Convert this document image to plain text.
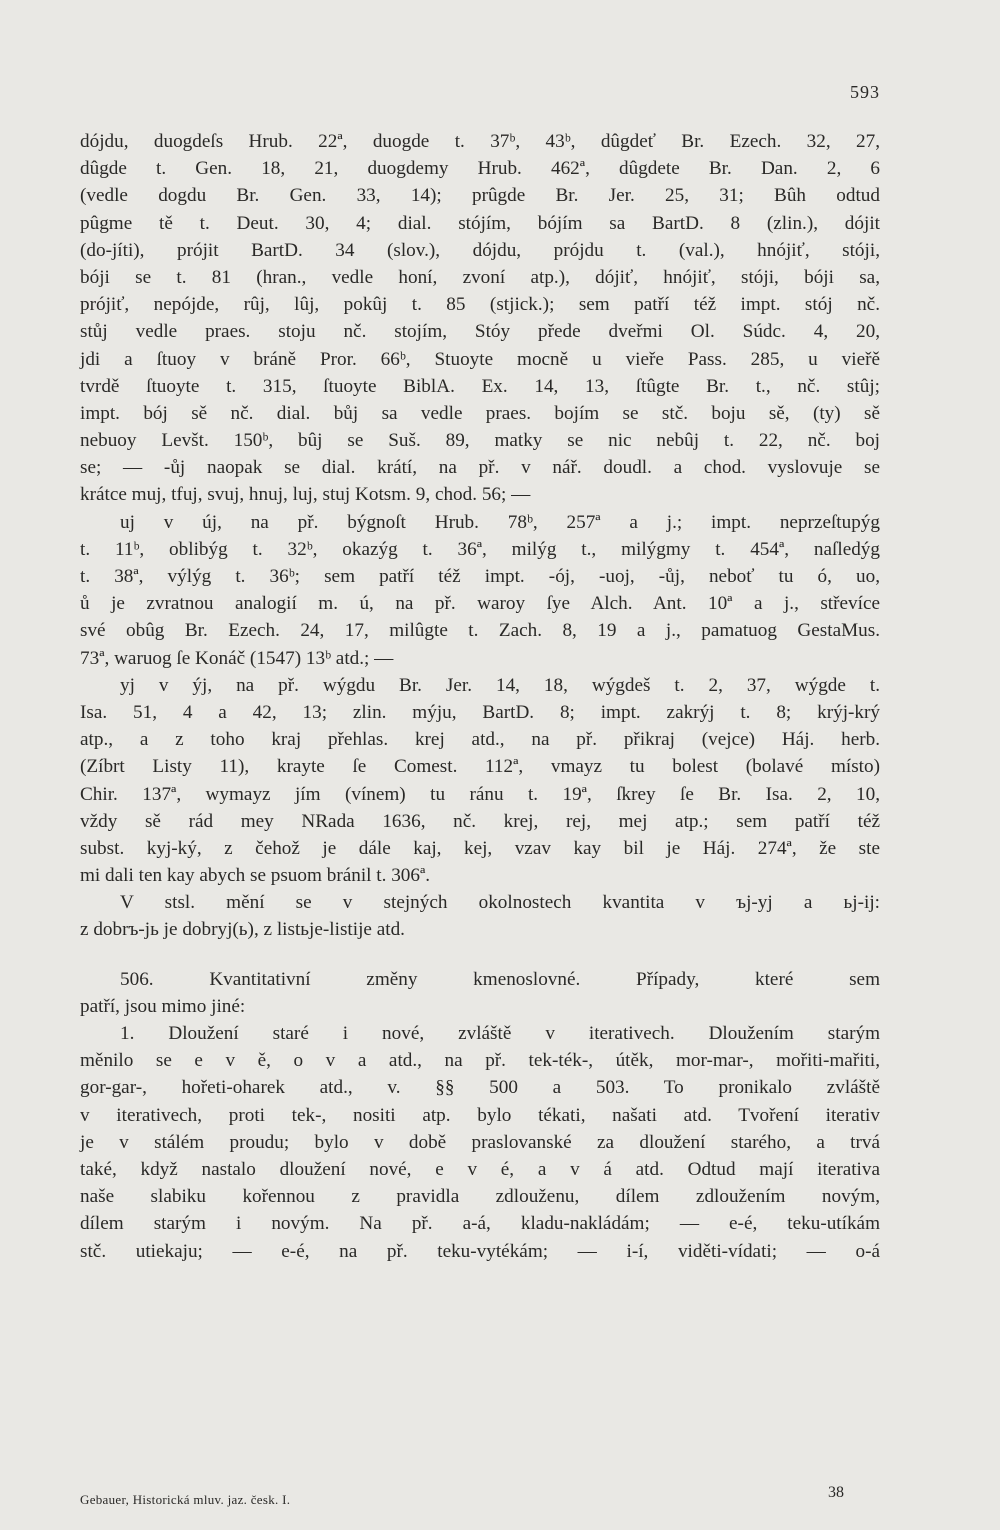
593
dójdu, duogdeſs Hrub. 22ª, duogde t. 37ᵇ, 43ᵇ, dûgdeť Br. Ezech. 32, 27,
dûgde t. Gen. 18, 21, duogdemy Hrub. 462ª, dûgdete Br. Dan. 2, 6
(vedle dogdu Br. Gen. 33, 14); prûgde Br. Jer. 25, 31; Bûh odtud
pûgme tě t. Deut. 30, 4; dial. stójím, bójím sa BartD. 8 (zlin.), dójit
(do-jíti), prójit BartD. 34 (slov.), dójdu, prójdu t. (val.), hnójiť, stóji,
bóji se t. 81 (hran., vedle honí, zvoní atp.), dójiť, hnójiť, stóji, bóji sa,
prójiť, nepójde, rûj, lûj, pokûj t. 85 (stjick.); sem patří též impt. stój nč.
stůj vedle praes. stoju nč. stojím, Stóy přede dveřmi Ol. Súdc. 4, 20,
jdi a ſtuoy v bráně Pror. 66ᵇ, Stuoyte mocně u vieře Pass. 285, u vieřě
tvrdě ſtuoyte t. 315, ſtuoyte BiblA. Ex. 14, 13, ſtûgte Br. t., nč. stûj;
impt. bój sě nč. dial. bůj sa vedle praes. bojím se stč. boju sě, (ty) sě
nebuoy Levšt. 150ᵇ, bûj se Suš. 89, matky se nic nebûj t. 22, nč. boj
se; — -ůj naopak se dial. krátí, na př. v nář. doudl. a chod. vyslovuje se
krátce muj, tfuj, svuj, hnuj, luj, stuj Kotsm. 9, chod. 56; —
uj v új, na př. býgnoſt Hrub. 78ᵇ, 257ª a j.; impt. neprzeſtupýg
t. 11ᵇ, oblibýg t. 32ᵇ, okazýg t. 36ª, milýg t., milýgmy t. 454ª, naſledýg
t. 38ª, výlýg t. 36ᵇ; sem patří též impt. -ój, -uoj, -ůj, neboť tu ó, uo,
ů je zvratnou analogií m. ú, na př. waroy ſye Alch. Ant. 10ª a j., střevíce
své obûg Br. Ezech. 24, 17, milûgte t. Zach. 8, 19 a j., pamatuog GestaMus.
73ª, waruog ſe Konáč (1547) 13ᵇ atd.; —
yj v ýj, na př. wýgdu Br. Jer. 14, 18, wýgdeš t. 2, 37, wýgde t.
Isa. 51, 4 a 42, 13; zlin. mýju, BartD. 8; impt. zakrýj t. 8; krýj-krý
atp., a z toho kraj přehlas. krej atd., na př. přikraj (vejce) Háj. herb.
(Zíbrt Listy 11), krayte ſe Comest. 112ª, vmayz tu bolest (bolavé místo)
Chir. 137ª, wymayz jím (vínem) tu ránu t. 19ª, ſkrey ſe Br. Isa. 2, 10,
vždy sě rád mey NRada 1636, nč. krej, rej, mej atp.; sem patří též
subst. kyj-ký, z čehož je dále kaj, kej, vzav kay bil je Háj. 274ª, že ste
mi dali ten kay abych se psuom bránil t. 306ª.
V stsl. mění se v stejných okolnostech kvantita v ъj-yj a ьj-ij:
z dobrъ-jь je dobryj(ь), z listьje-listije atd.
506. Kvantitativní změny kmenoslovné. Případy, které sem
patří, jsou mimo jiné:
1. Dloužení staré i nové, zvláště v iterativech. Dloužením starým
měnilo se e v ě, o v a atd., na př. tek-ték-, útěk, mor-mar-, mořiti-mařiti,
gor-gar-, hořeti-oharek atd., v. §§ 500 a 503. To pronikalo zvláště
v iterativech, proti tek-, nositi atp. bylo tékati, našati atd. Tvoření iterativ
je v stálém proudu; bylo v době praslovanské za dloužení starého, a trvá
také, když nastalo dloužení nové, e v é, a v á atd. Odtud mají iterativa
naše slabiku kořennou z pravidla zdlouženu, dílem zdloužením novým,
dílem starým i novým. Na př. a-á, kladu-nakládám; — e-é, teku-utíkám
stč. utiekaju; — e-é, na př. teku-vytékám; — i-í, viděti-vídati; — o-á
Gebauer, Historická mluv. jaz. česk. I.	38
